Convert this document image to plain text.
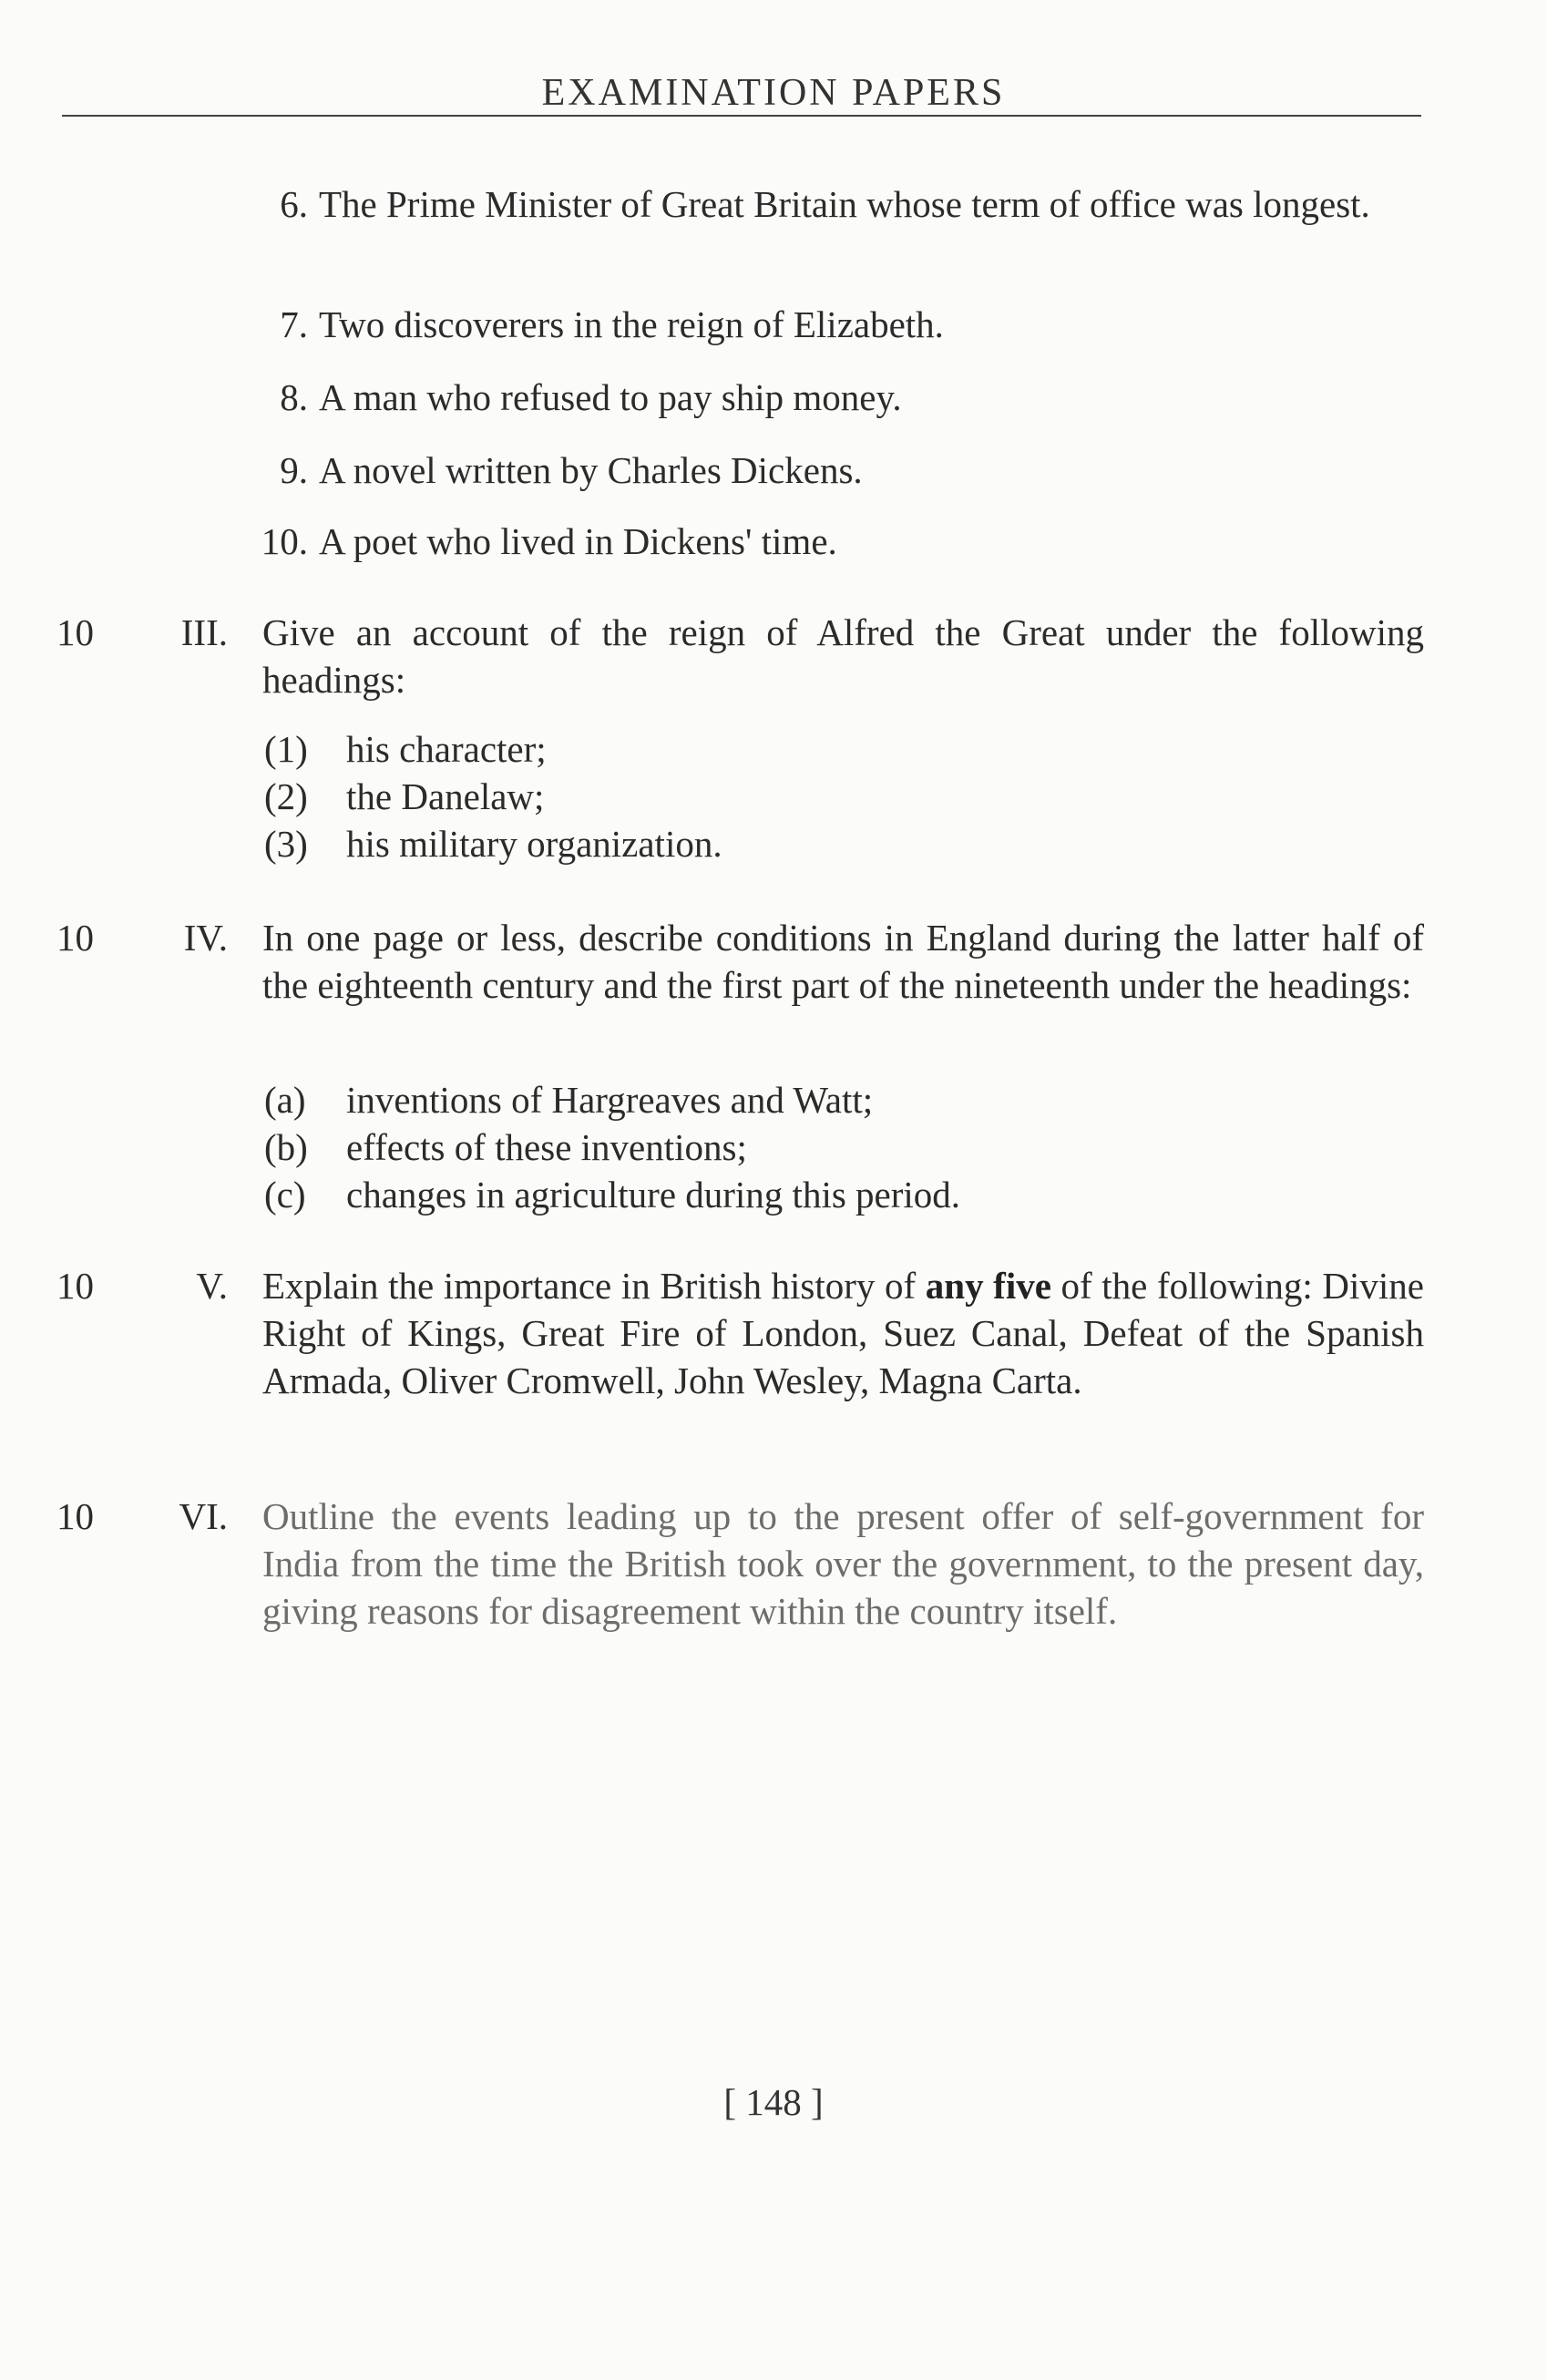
EXAMINATION PAPERS
6. The Prime Minister of Great Britain whose term of office was longest.
7. Two discoverers in the reign of Elizabeth.
8. A man who refused to pay ship money.
9. A novel written by Charles Dickens.
10. A poet who lived in Dickens' time.
10	III. Give an account of the reign of Alfred the Great under the following headings:
(1) his character;
(2) the Danelaw;
(3) his military organization.
10	IV. In one page or less, describe conditions in England during the latter half of the eighteenth century and the first part of the nineteenth under the headings:
(a) inventions of Hargreaves and Watt;
(b) effects of these inventions;
(c) changes in agriculture during this period.
10	V. Explain the importance in British history of any five of the following: Divine Right of Kings, Great Fire of London, Suez Canal, Defeat of the Spanish Armada, Oliver Cromwell, John Wesley, Magna Carta.
10	VI. Outline the events leading up to the present offer of self-government for India from the time the British took over the government, to the present day, giving reasons for disagreement within the country itself.
[ 148 ]
